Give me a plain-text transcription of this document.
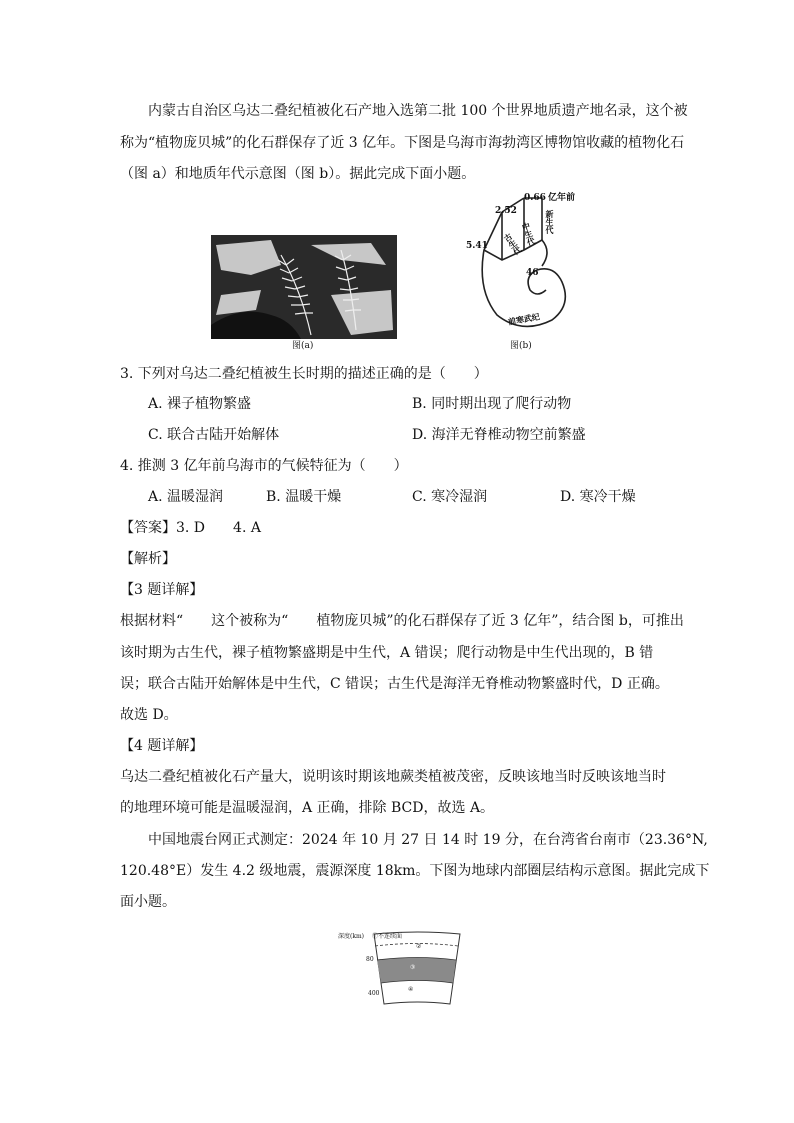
内蒙古自治区乌达二叠纪植被化石产地入选第二批 100 个世界地质遗产地名录，这个被
称为“植物庞贝城”的化石群保存了近 3 亿年。下图是乌海市海勃湾区博物馆收藏的植物化石
（图 a）和地质年代示意图（图 b）。据此完成下面小题。
图(a)
0.66 亿年前
2.52
5.41
46
新生代
中生代
古生代
前寒武纪
图(b)
3. 下列对乌达二叠纪植被生长时期的描述正确的是（　　）
A. 裸子植物繁盛	B. 同时期出现了爬行动物
C. 联合古陆开始解体	D. 海洋无脊椎动物空前繁盛
4. 推测 3 亿年前乌海市的气候特征为（　　）
A. 温暖湿润	B. 温暖干燥	C. 寒冷湿润	D. 寒冷干燥
【答案】3. D　　4. A
【解析】
【3 题详解】
根据材料“　　这个被称为“　　植物庞贝城”的化石群保存了近 3 亿年”，结合图 b，可推出
该时期为古生代，裸子植物繁盛期是中生代，A 错误；爬行动物是中生代出现的，B 错
误；联合古陆开始解体是中生代，C 错误；古生代是海洋无脊椎动物繁盛时代，D 正确。
故选 D。
【4 题详解】
乌达二叠纪植被化石产量大，说明该时期该地蕨类植被茂密，反映该地当时反映该地当时
的地理环境可能是温暖湿润，A 正确，排除 BCD，故选 A。
中国地震台网正式测定：2024 年 10 月 27 日 14 时 19 分，在台湾省台南市（23.36°N,
120.48°E）发生 4.2 级地震，震源深度 18km。下图为地球内部圈层结构示意图。据此完成下
面小题。
深度(km) ①不连续面
②
80
③
400
④
